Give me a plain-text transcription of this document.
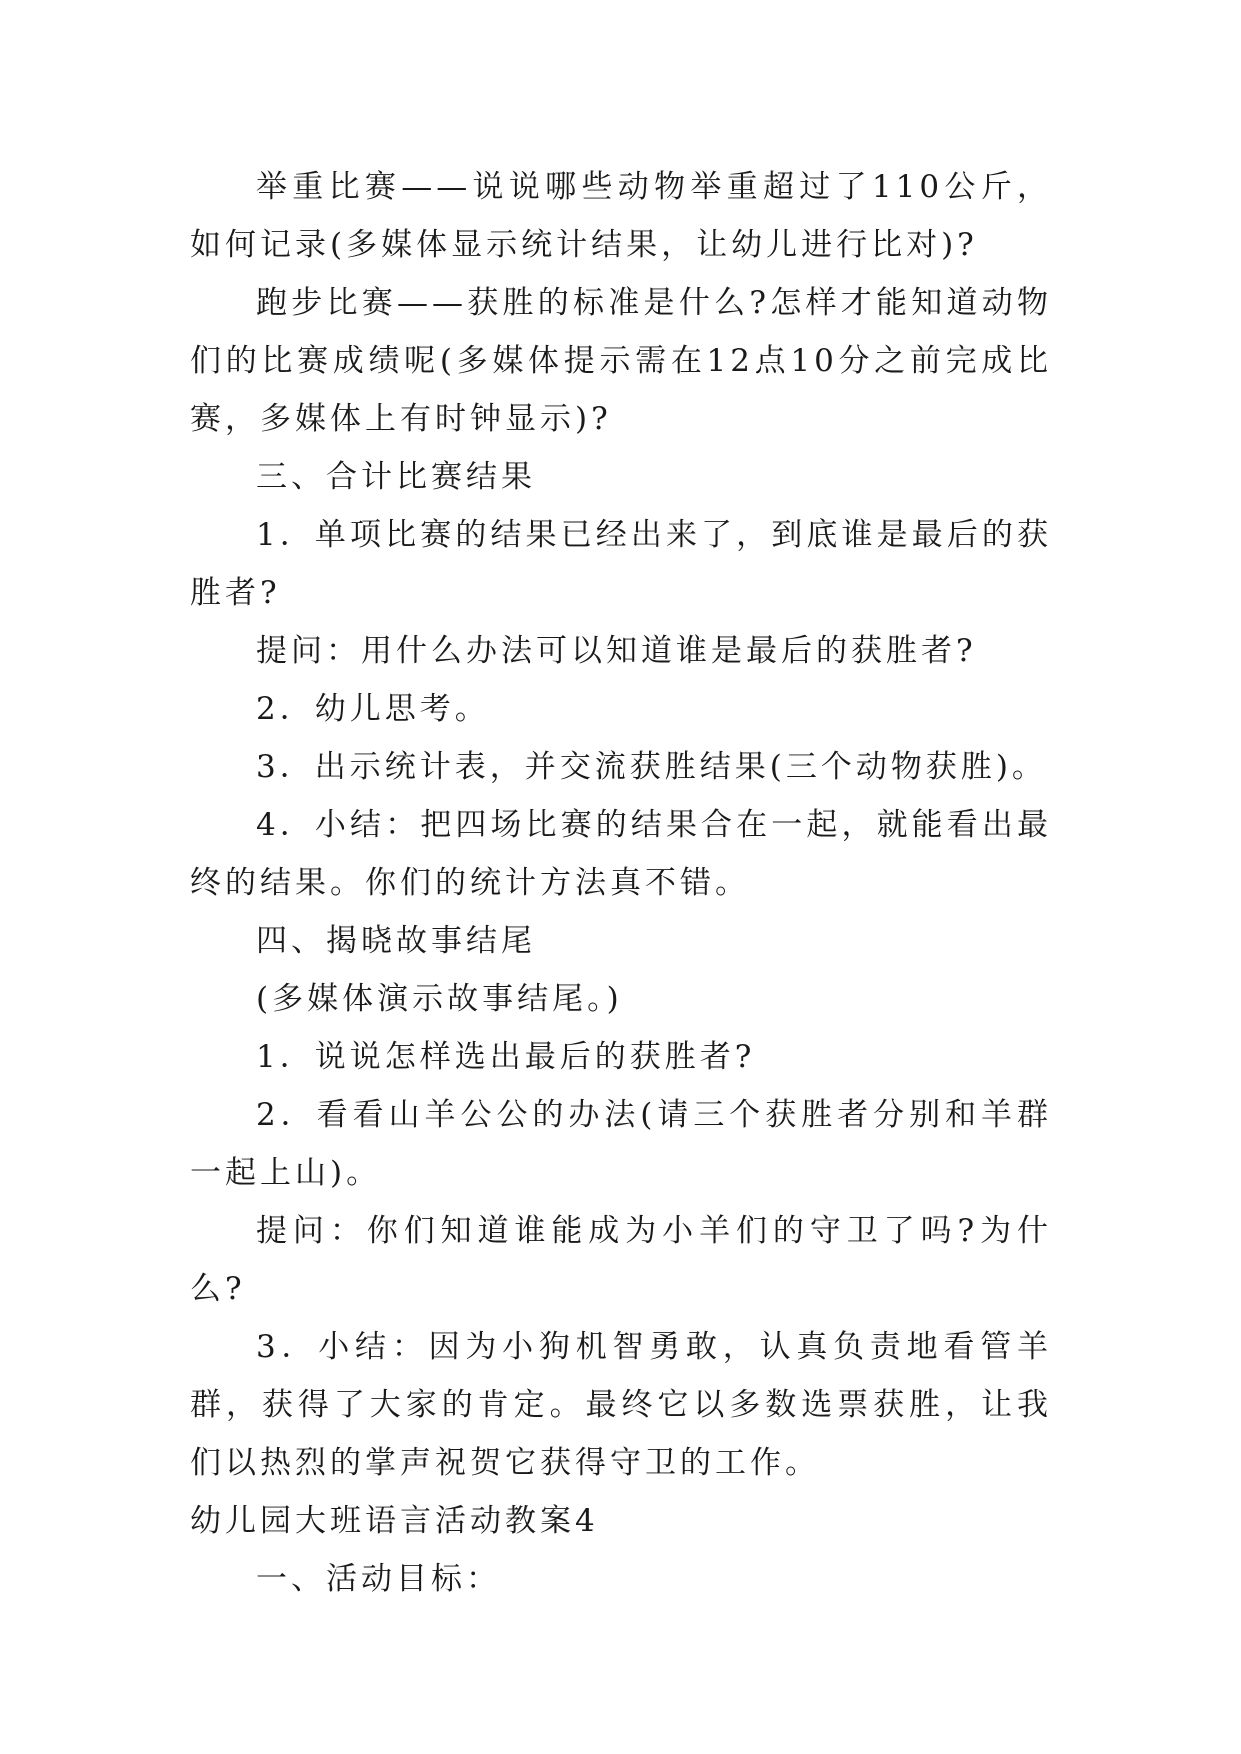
举重比赛——说说哪些动物举重超过了110公斤，如何记录(多媒体显示统计结果，让幼儿进行比对)?

跑步比赛——获胜的标准是什么?怎样才能知道动物们的比赛成绩呢(多媒体提示需在12点10分之前完成比赛，多媒体上有时钟显示)?

三、合计比赛结果

1．单项比赛的结果已经出来了，到底谁是最后的获胜者?

提问：用什么办法可以知道谁是最后的获胜者?

2．幼儿思考。

3．出示统计表，并交流获胜结果(三个动物获胜)。

4．小结：把四场比赛的结果合在一起，就能看出最终的结果。你们的统计方法真不错。

四、揭晓故事结尾

(多媒体演示故事结尾。)

1．说说怎样选出最后的获胜者?

2．看看山羊公公的办法(请三个获胜者分别和羊群一起上山)。

提问：你们知道谁能成为小羊们的守卫了吗?为什么?

3．小结：因为小狗机智勇敢，认真负责地看管羊群，获得了大家的肯定。最终它以多数选票获胜，让我们以热烈的掌声祝贺它获得守卫的工作。

幼儿园大班语言活动教案4

一、活动目标：
